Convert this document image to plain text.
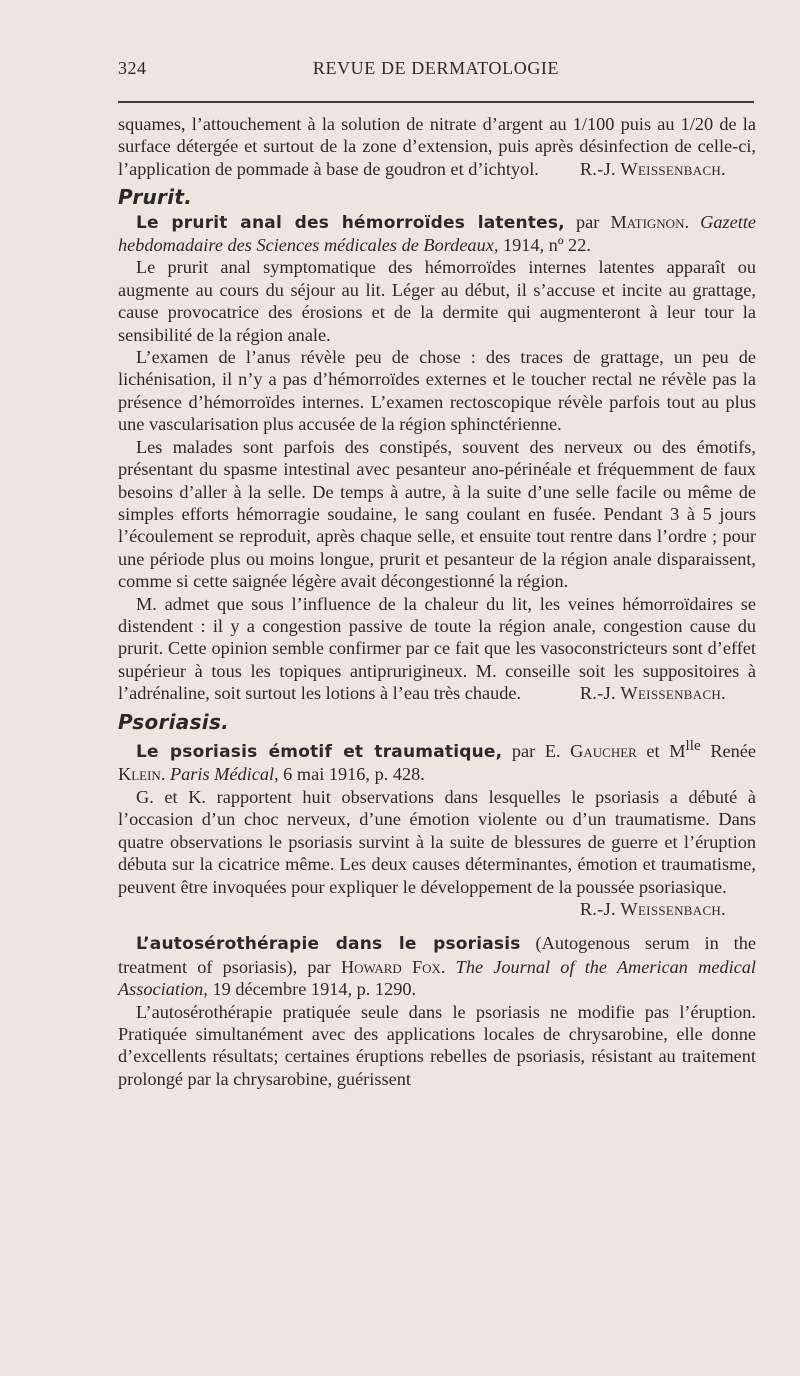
324	REVUE DE DERMATOLOGIE

squames, l’attouchement à la solution de nitrate d’argent au 1/100 puis au 1/20 de la surface détergée et surtout de la zone d’extension, puis après désinfection de celle-ci, l’application de pommade à base de goudron et d’ichtyol. R.-J. Weissenbach.

Prurit.

Le prurit anal des hémorroïdes latentes, par Matignon. Gazette hebdomadaire des Sciences médicales de Bordeaux, 1914, nº 22.

Le prurit anal symptomatique des hémorroïdes internes latentes apparaît ou augmente au cours du séjour au lit. Léger au début, il s’accuse et incite au grattage, cause provocatrice des érosions et de la dermite qui augmenteront à leur tour la sensibilité de la région anale.

L’examen de l’anus révèle peu de chose : des traces de grattage, un peu de lichénisation, il n’y a pas d’hémorroïdes externes et le toucher rectal ne révèle pas la présence d’hémorroïdes internes. L’examen rectoscopique révèle parfois tout au plus une vascularisation plus accusée de la région sphinctérienne.

Les malades sont parfois des constipés, souvent des nerveux ou des émotifs, présentant du spasme intestinal avec pesanteur ano-périnéale et fréquemment de faux besoins d’aller à la selle. De temps à autre, à la suite d’une selle facile ou même de simples efforts hémorragie soudaine, le sang coulant en fusée. Pendant 3 à 5 jours l’écoulement se reproduit, après chaque selle, et ensuite tout rentre dans l’ordre ; pour une période plus ou moins longue, prurit et pesanteur de la région anale disparaissent, comme si cette saignée légère avait décongestionné la région.

M. admet que sous l’influence de la chaleur du lit, les veines hémorroïdaires se distendent : il y a congestion passive de toute la région anale, congestion cause du prurit. Cette opinion semble confirmer par ce fait que les vasoconstricteurs sont d’effet supérieur à tous les topiques antiprurigineux. M. conseille soit les suppositoires à l’adrénaline, soit surtout les lotions à l’eau très chaude.	R.-J. Weissenbach.

Psoriasis.

Le psoriasis émotif et traumatique, par E. Gaucher et $M^{lle}$ Renée Klein. Paris Médical, 6 mai 1916, p. 428.

G. et K. rapportent huit observations dans lesquelles le psoriasis a débuté à l’occasion d’un choc nerveux, d’une émotion violente ou d’un traumatisme. Dans quatre observations le psoriasis survint à la suite de blessures de guerre et l’éruption débuta sur la cicatrice même. Les deux causes déterminantes, émotion et traumatisme, peuvent être invoquées pour expliquer le développement de la poussée psoriasique.
R.-J. Weissenbach.

L’autosérothérapie dans le psoriasis (Autogenous serum in the treatment of psoriasis), par Howard Fox. The Journal of the American medical Association, 19 décembre 1914, p. 1290.

L’autosérothérapie pratiquée seule dans le psoriasis ne modifie pas l’éruption. Pratiquée simultanément avec des applications locales de chrysarobine, elle donne d’excellents résultats; certaines éruptions rebelles de psoriasis, résistant au traitement prolongé par la chrysarobine, guérissent
